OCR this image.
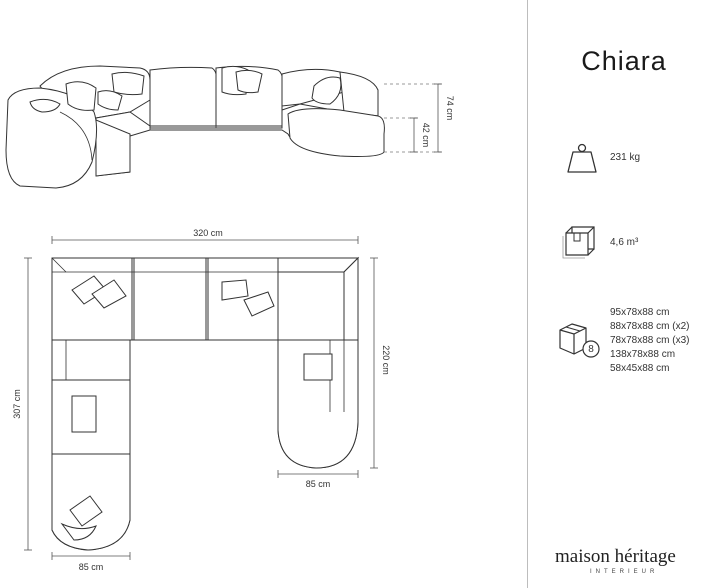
74 cm
42 cm
320 cm
307 cm
220 cm
85 cm
85 cm
Chiara
231 kg
4,6 m³
8
95x78x88 cm
88x78x88 cm (x2)
78x78x88 cm (x3)
138x78x88 cm
58x45x88 cm
maison héritage
INTERIEUR
